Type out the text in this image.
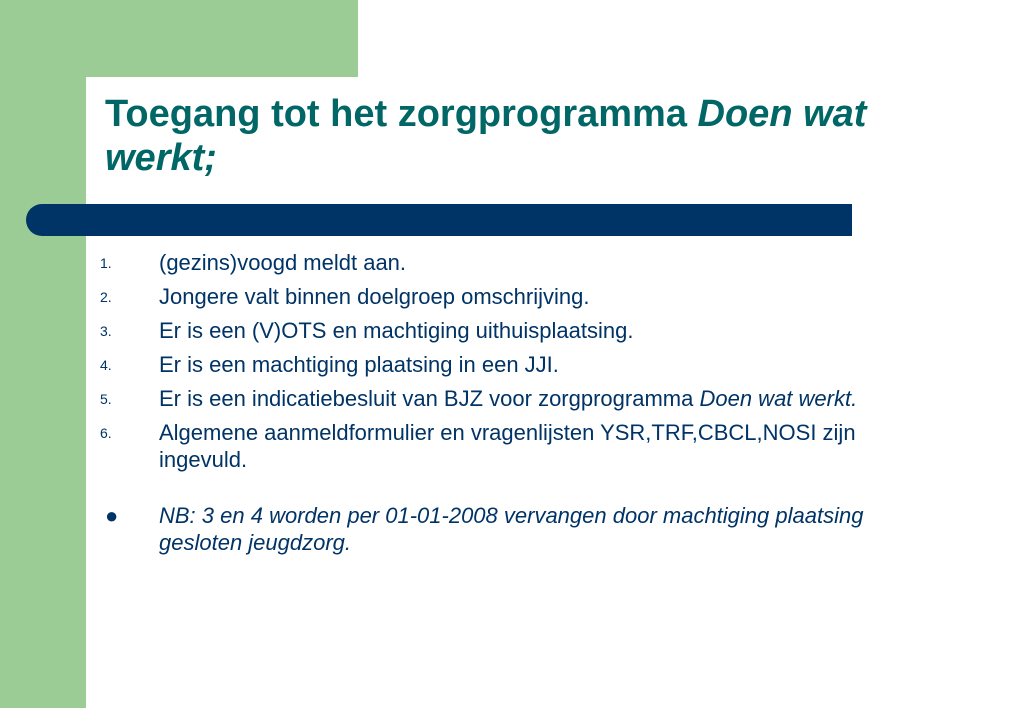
Toegang tot het zorgprogramma Doen wat werkt;
1.	(gezins)voogd meldt aan.
2.	Jongere valt binnen doelgroep omschrijving.
3.	Er is een (V)OTS en machtiging uithuisplaatsing.
4.	Er is een machtiging plaatsing in een JJI.
5.	Er is een indicatiebesluit van BJZ voor zorgprogramma Doen wat werkt.
6.	Algemene aanmeldformulier en vragenlijsten YSR,TRF,CBCL,NOSI zijn ingevuld.
●	NB: 3 en 4 worden per 01-01-2008 vervangen door machtiging plaatsing gesloten jeugdzorg.
